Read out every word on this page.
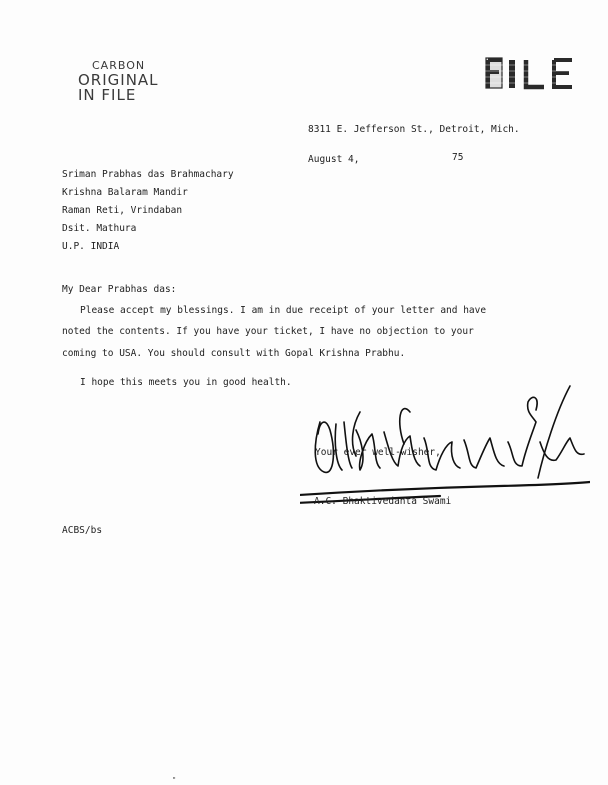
CARBON
ORIGINAL
IN FILE
8311 E. Jefferson St., Detroit, Mich.
August 4,	75
Sriman Prabhas das Brahmachary
Krishna Balaram Mandir
Raman Reti, Vrindaban
Dsit. Mathura
U.P. INDIA
My Dear Prabhas das:
Please accept my blessings. I am in due receipt of your letter and have
noted the contents. If you have your ticket, I have no objection to your
coming to USA. You should consult with Gopal Krishna Prabhu.
I hope this meets you in good health.
Your ever well-wisher,
A.C. Bhaktivedanta Swami
ACBS/bs
"
